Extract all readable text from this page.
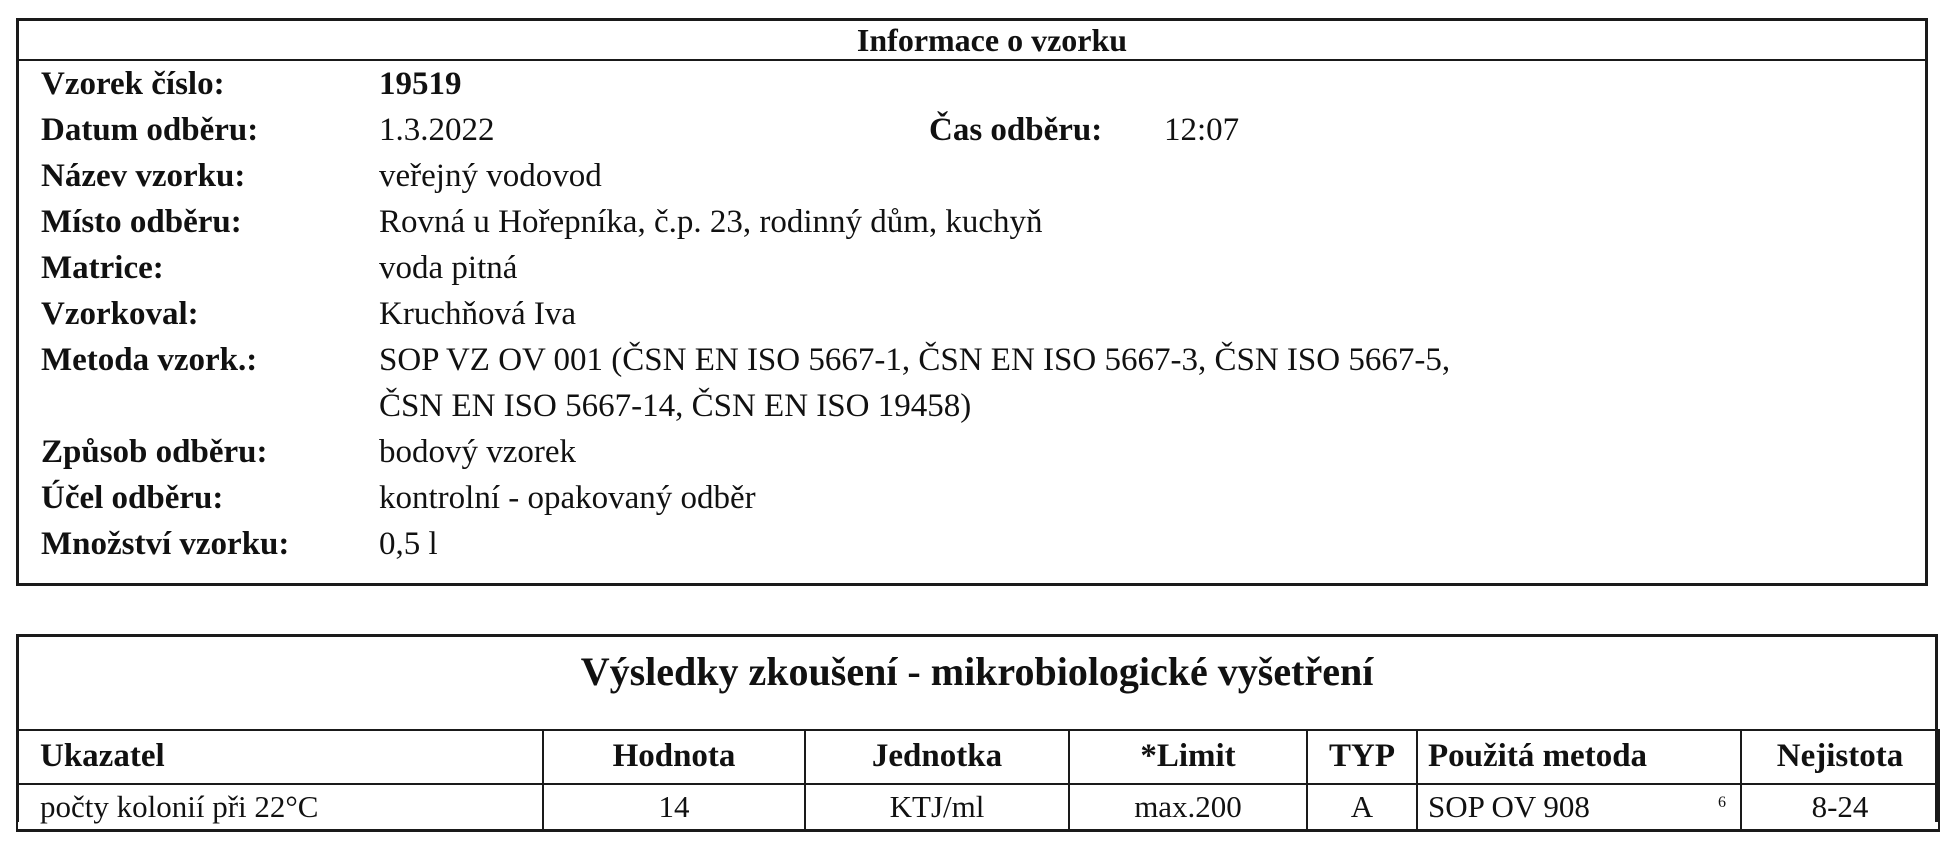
Informace o vzorku
Vzorek číslo:	19519
Datum odběru:	1.3.2022	Čas odběru: 12:07
Název vzorku:	veřejný vodovod
Místo odběru:	Rovná u Hořepníka, č.p. 23, rodinný dům, kuchyň
Matrice:	voda pitná
Vzorkoval:	Kruchňová Iva
Metoda vzork.:	SOP VZ OV 001 (ČSN EN ISO 5667-1, ČSN EN ISO 5667-3, ČSN ISO 5667-5,
ČSN EN ISO 5667-14, ČSN EN ISO 19458)
Způsob odběru:	bodový vzorek
Účel odběru:	kontrolní - opakovaný odběr
Množství vzorku:	0,5 l
Výsledky zkoušení - mikrobiologické vyšetření
Ukazatel	Hodnota	Jednotka	*Limit	TYP	Použitá metoda	Nejistota
počty kolonií při 22°C	14	KTJ/ml	max.200	A	SOP OV 908 6	8-24
